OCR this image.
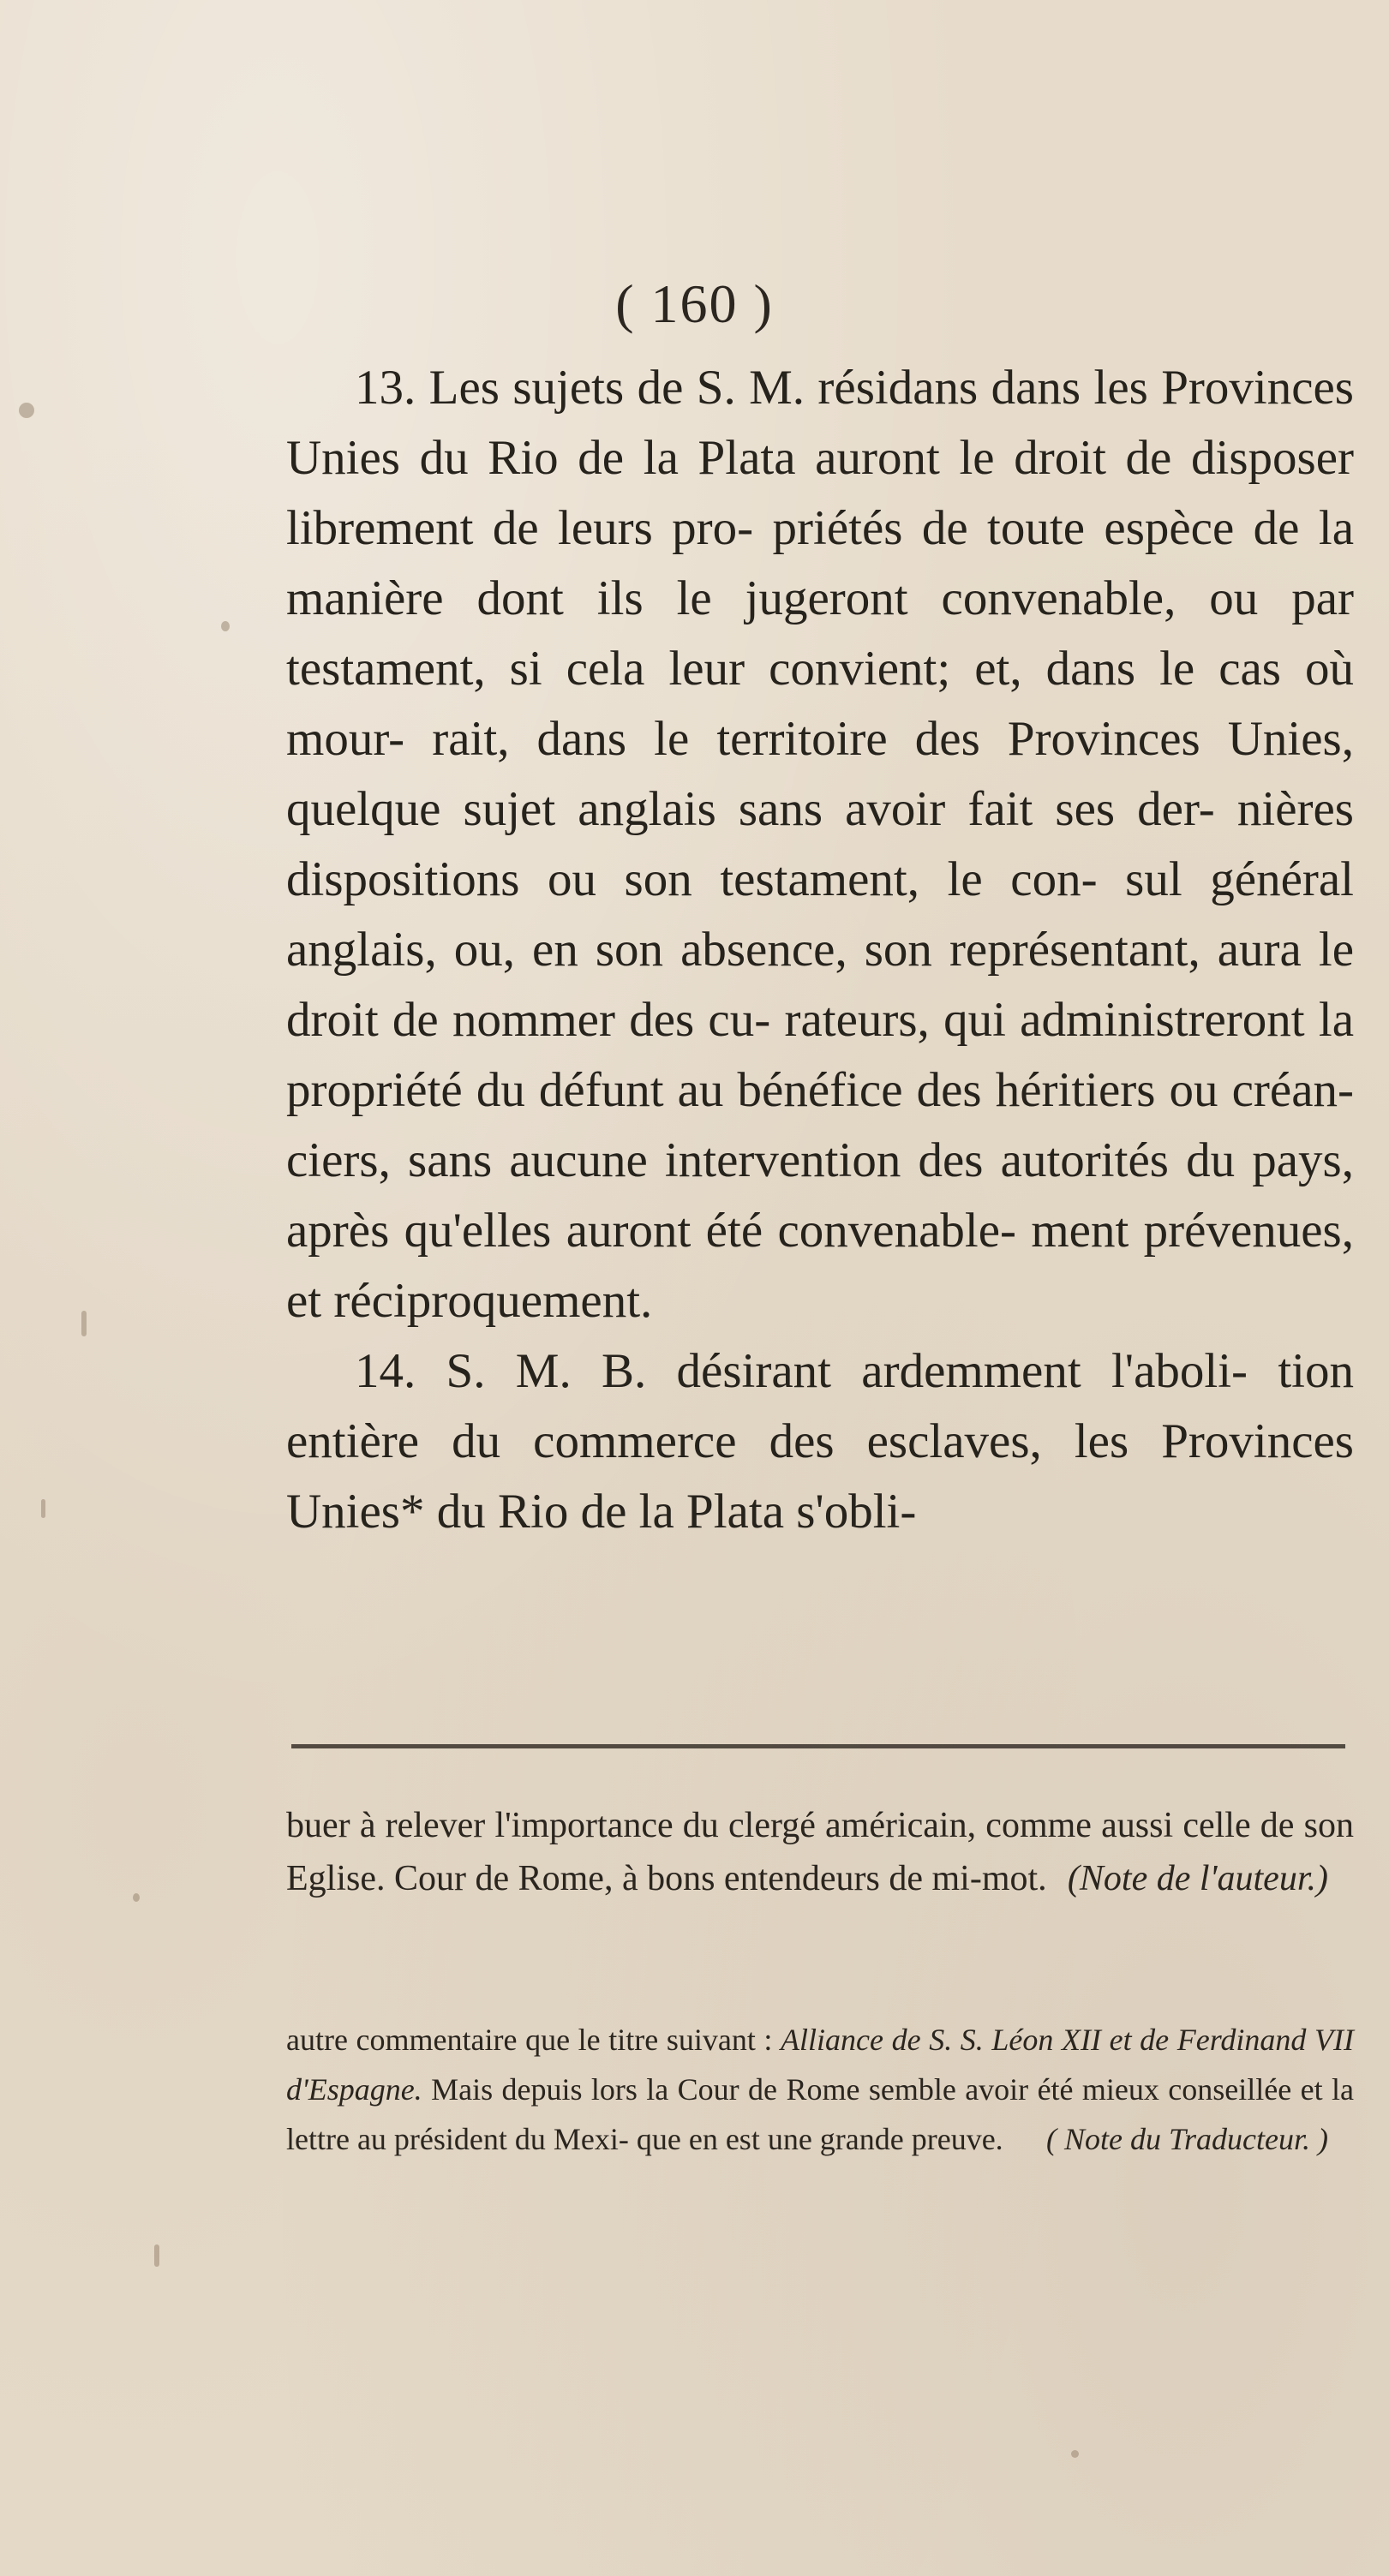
( 160 )

13. Les sujets de S. M. résidans dans les Provinces Unies du Rio de la Plata auront le droit de disposer librement de leurs pro- priétés de toute espèce de la manière dont ils le jugeront convenable, ou par testament, si cela leur convient; et, dans le cas où mour- rait, dans le territoire des Provinces Unies, quelque sujet anglais sans avoir fait ses der- nières dispositions ou son testament, le con- sul général anglais, ou, en son absence, son représentant, aura le droit de nommer des cu- rateurs, qui administreront la propriété du défunt au bénéfice des héritiers ou créan- ciers, sans aucune intervention des autorités du pays, après qu'elles auront été convenable- ment prévenues, et réciproquement.

14. S. M. B. désirant ardemment l'aboli- tion entière du commerce des esclaves, les Provinces Unies* du Rio de la Plata s'obli-

buer à relever l'importance du clergé américain, comme aussi celle de son Eglise. Cour de Rome, à bons entendeurs de mi-mot. (Note de l'auteur.)

autre commentaire que le titre suivant : Alliance de S. S. Léon XII et de Ferdinand VII d'Espagne. Mais depuis lors la Cour de Rome semble avoir été mieux conseillée et la lettre au président du Mexi- que en est une grande preuve. ( Note du Traducteur. )
